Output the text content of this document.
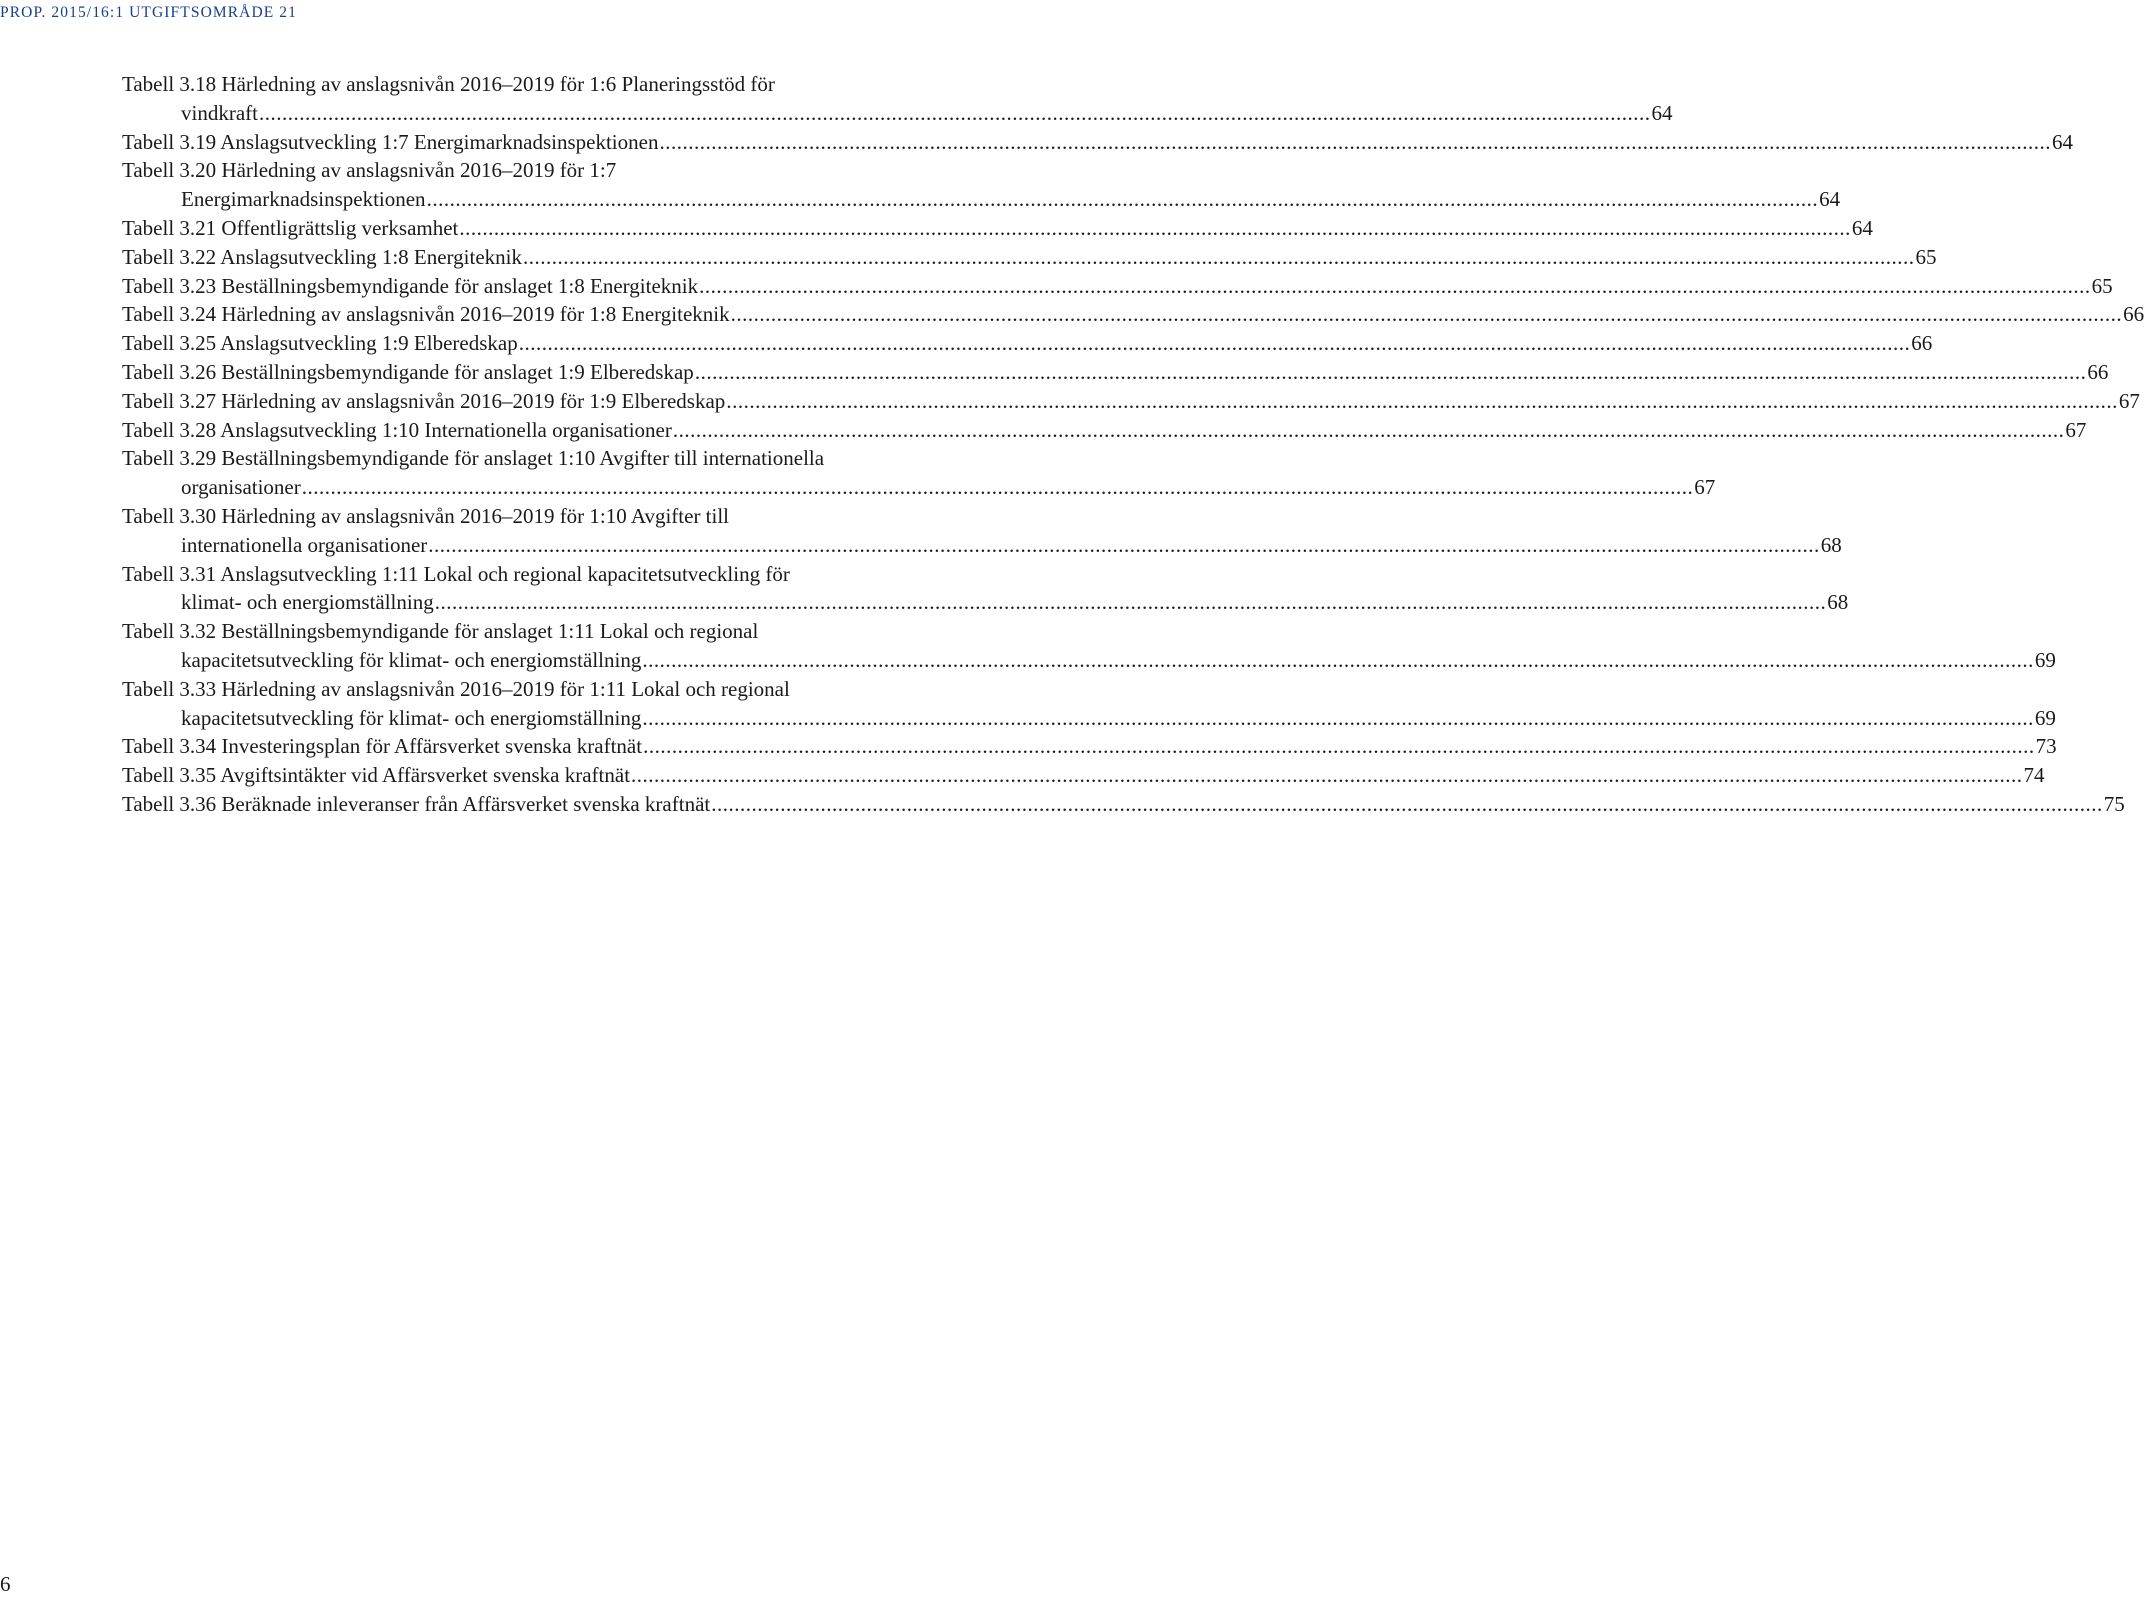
PROP. 2015/16:1 UTGIFTSOMRÅDE 21
Tabell 3.18 Härledning av anslagsnivån 2016–2019 för 1:6 Planeringsstöd för
vindkraft .....	64
Tabell 3.19 Anslagsutveckling 1:7 Energimarknadsinspektionen .....	64
Tabell 3.20 Härledning av anslagsnivån 2016–2019 för 1:7
Energimarknadsinspektionen .....	64
Tabell 3.21 Offentligrättslig verksamhet .....	64
Tabell 3.22 Anslagsutveckling 1:8 Energiteknik .....	65
Tabell 3.23 Beställningsbemyndigande för anslaget 1:8 Energiteknik .....	65
Tabell 3.24 Härledning av anslagsnivån 2016–2019 för 1:8 Energiteknik .....	66
Tabell 3.25 Anslagsutveckling 1:9 Elberedskap .....	66
Tabell 3.26 Beställningsbemyndigande för anslaget 1:9 Elberedskap .....	66
Tabell 3.27 Härledning av anslagsnivån 2016–2019 för 1:9 Elberedskap .....	67
Tabell 3.28 Anslagsutveckling 1:10 Internationella organisationer .....	67
Tabell 3.29 Beställningsbemyndigande för anslaget 1:10 Avgifter till internationella
organisationer .....	67
Tabell 3.30 Härledning av anslagsnivån 2016–2019 för 1:10 Avgifter till
internationella organisationer .....	68
Tabell 3.31 Anslagsutveckling 1:11 Lokal och regional kapacitetsutveckling för
klimat- och energiomställning .....	68
Tabell 3.32 Beställningsbemyndigande för anslaget 1:11 Lokal och regional
kapacitetsutveckling för klimat- och energiomställning .....	69
Tabell 3.33 Härledning av anslagsnivån 2016–2019 för 1:11 Lokal och regional
kapacitetsutveckling för klimat- och energiomställning .....	69
Tabell 3.34 Investeringsplan för Affärsverket svenska kraftnät .....	73
Tabell 3.35 Avgiftsintäkter vid Affärsverket svenska kraftnät .....	74
Tabell 3.36 Beräknade inleveranser från Affärsverket svenska kraftnät .....	75
6
